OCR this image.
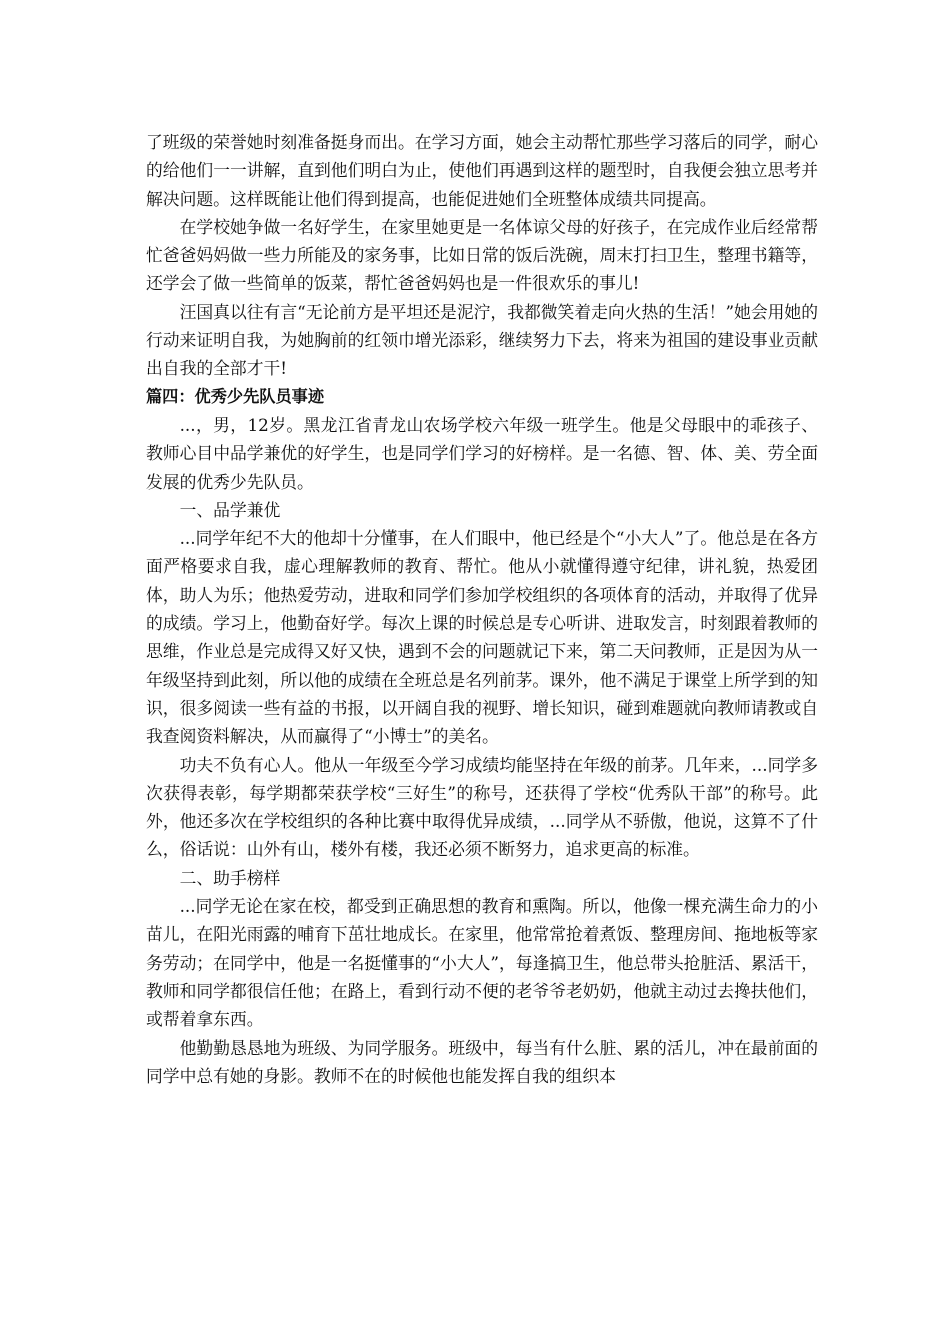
了班级的荣誉她时刻准备挺身而出。在学习方面，她会主动帮忙那些学习落后的同学，耐心的给他们一一讲解，直到他们明白为止，使他们再遇到这样的题型时，自我便会独立思考并解决问题。这样既能让他们得到提高，也能促进她们全班整体成绩共同提高。

在学校她争做一名好学生，在家里她更是一名体谅父母的好孩子，在完成作业后经常帮忙爸爸妈妈做一些力所能及的家务事，比如日常的饭后洗碗，周末打扫卫生，整理书籍等，还学会了做一些简单的饭菜，帮忙爸爸妈妈也是一件很欢乐的事儿!

汪国真以往有言“无论前方是平坦还是泥泞，我都微笑着走向火热的生活！”她会用她的行动来证明自我，为她胸前的红领巾增光添彩，继续努力下去，将来为祖国的建设事业贡献出自我的全部才干!

篇四：优秀少先队员事迹

...，男，12岁。黑龙江省青龙山农场学校六年级一班学生。他是父母眼中的乖孩子、教师心目中品学兼优的好学生，也是同学们学习的好榜样。是一名德、智、体、美、劳全面发展的优秀少先队员。

一、品学兼优

...同学年纪不大的他却十分懂事，在人们眼中，他已经是个“小大人”了。他总是在各方面严格要求自我，虚心理解教师的教育、帮忙。他从小就懂得遵守纪律，讲礼貌，热爱团体，助人为乐；他热爱劳动，进取和同学们参加学校组织的各项体育的活动，并取得了优异的成绩。学习上，他勤奋好学。每次上课的时候总是专心听讲、进取发言，时刻跟着教师的思维，作业总是完成得又好又快，遇到不会的问题就记下来，第二天问教师，正是因为从一年级坚持到此刻，所以他的成绩在全班总是名列前茅。课外，他不满足于课堂上所学到的知识，很多阅读一些有益的书报，以开阔自我的视野、增长知识，碰到难题就向教师请教或自我查阅资料解决，从而赢得了“小博士”的美名。

功夫不负有心人。他从一年级至今学习成绩均能坚持在年级的前茅。几年来，...同学多次获得表彰，每学期都荣获学校“三好生”的称号，还获得了学校“优秀队干部”的称号。此外，他还多次在学校组织的各种比赛中取得优异成绩，...同学从不骄傲，他说，这算不了什么，俗话说：山外有山，楼外有楼，我还必须不断努力，追求更高的标准。

二、助手榜样

...同学无论在家在校，都受到正确思想的教育和熏陶。所以，他像一棵充满生命力的小苗儿，在阳光雨露的哺育下茁壮地成长。在家里，他常常抢着煮饭、整理房间、拖地板等家务劳动；在同学中，他是一名挺懂事的“小大人”，每逢搞卫生，他总带头抢脏活、累活干，教师和同学都很信任他；在路上，看到行动不便的老爷爷老奶奶，他就主动过去搀扶他们，或帮着拿东西。

他勤勤恳恳地为班级、为同学服务。班级中，每当有什么脏、累的活儿，冲在最前面的同学中总有她的身影。教师不在的时候他也能发挥自我的组织本
